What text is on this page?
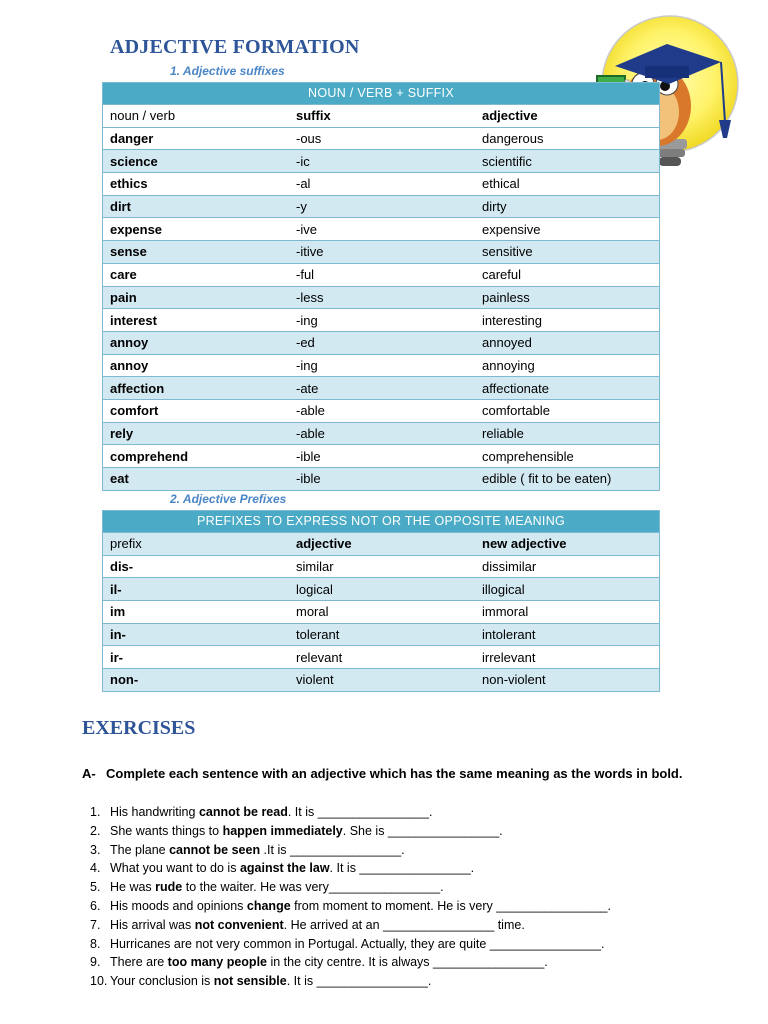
ADJECTIVE FORMATION
1. Adjective suffixes
NOUN / VERB + SUFFIX		
noun / verb	suffix	adjective
danger	-ous	dangerous
science	-ic	scientific
ethics	-al	ethical
dirt	-y	dirty
expense	-ive	expensive
sense	-itive	sensitive
care	-ful	careful
pain	-less	painless
interest	-ing	interesting
annoy	-ed	annoyed
annoy	-ing	annoying
affection	-ate	affectionate
comfort	-able	comfortable
rely	-able	reliable
comprehend	-ible	comprehensible
eat	-ible	edible ( fit to be eaten)
2. Adjective Prefixes
PREFIXES TO EXPRESS NOT OR THE OPPOSITE MEANING		
prefix	adjective	new adjective
dis-	similar	dissimilar
il-	logical	illogical
im	moral	immoral
in-	tolerant	intolerant
ir-	relevant	irrelevant
non-	violent	non-violent
EXERCISES
A- Complete each sentence with an adjective which has the same meaning as the words in bold.
1. His handwriting cannot be read. It is ________________.
2. She wants things to happen immediately. She is ________________.
3. The plane cannot be seen .It is ________________.
4. What you want to do is against the law. It is ________________.
5. He was rude to the waiter. He was very________________.
6. His moods and opinions change from moment to moment. He is very ________________.
7. His arrival was not convenient. He arrived at an ________________ time.
8. Hurricanes are not very common in Portugal. Actually, they are quite ________________.
9. There are too many people in the city centre. It is always ________________.
10. Your conclusion is not sensible. It is ________________.
